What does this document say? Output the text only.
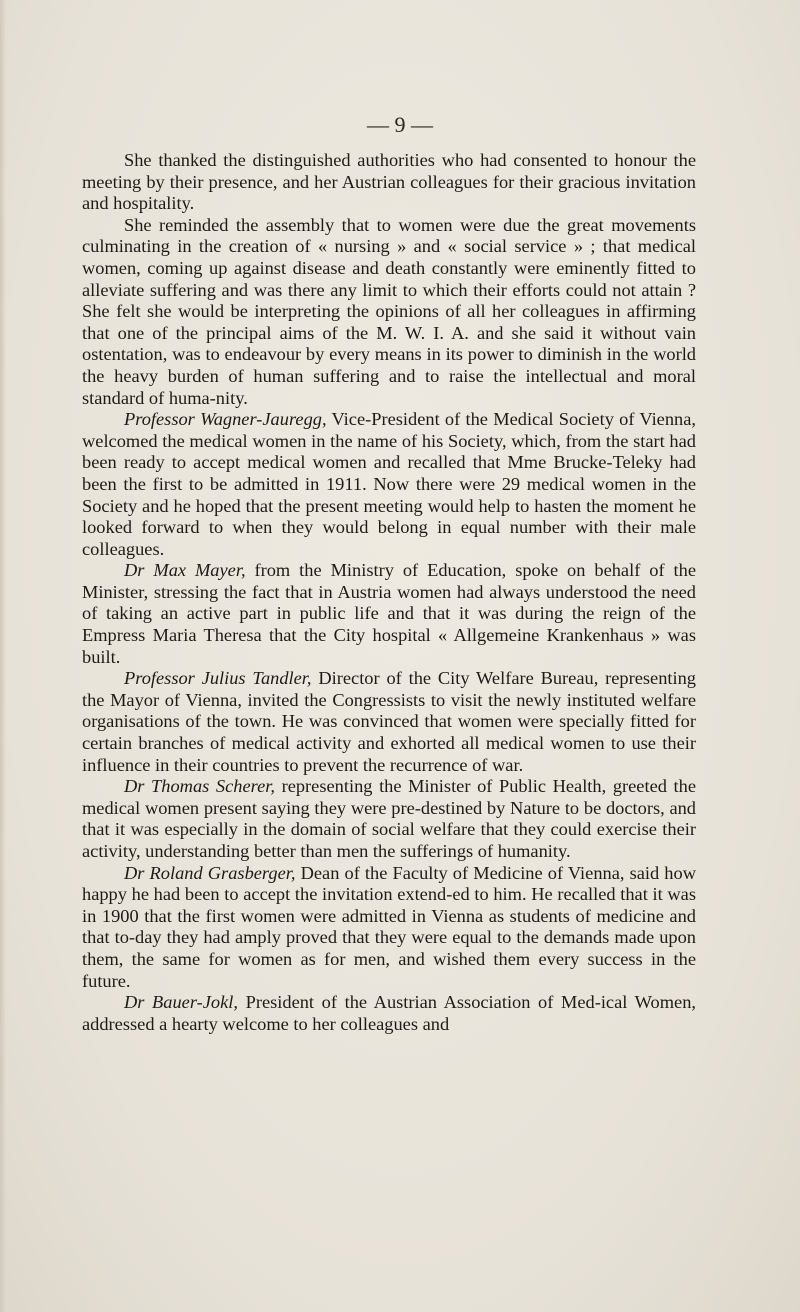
— 9 —

She thanked the distinguished authorities who had consented to honour the meeting by their presence, and her Austrian colleagues for their gracious invitation and hospitality.

She reminded the assembly that to women were due the great movements culminating in the creation of « nursing » and « social service » ; that medical women, coming up against disease and death constantly were eminently fitted to alleviate suffering and was there any limit to which their efforts could not attain ? She felt she would be interpreting the opinions of all her colleagues in affirming that one of the principal aims of the M. W. I. A. and she said it without vain ostentation, was to endeavour by every means in its power to diminish in the world the heavy burden of human suffering and to raise the intellectual and moral standard of huma-nity.

Professor Wagner-Jauregg, Vice-President of the Medical Society of Vienna, welcomed the medical women in the name of his Society, which, from the start had been ready to accept medical women and recalled that Mme Brucke-Teleky had been the first to be admitted in 1911. Now there were 29 medical women in the Society and he hoped that the present meeting would help to hasten the moment he looked forward to when they would belong in equal number with their male colleagues.

Dr Max Mayer, from the Ministry of Education, spoke on behalf of the Minister, stressing the fact that in Austria women had always understood the need of taking an active part in public life and that it was during the reign of the Empress Maria Theresa that the City hospital « Allgemeine Krankenhaus » was built.

Professor Julius Tandler, Director of the City Welfare Bureau, representing the Mayor of Vienna, invited the Congressists to visit the newly instituted welfare organisations of the town. He was convinced that women were specially fitted for certain branches of medical activity and exhorted all medical women to use their influence in their countries to prevent the recurrence of war.

Dr Thomas Scherer, representing the Minister of Public Health, greeted the medical women present saying they were pre-destined by Nature to be doctors, and that it was especially in the domain of social welfare that they could exercise their activity, understanding better than men the sufferings of humanity.

Dr Roland Grasberger, Dean of the Faculty of Medicine of Vienna, said how happy he had been to accept the invitation extend-ed to him. He recalled that it was in 1900 that the first women were admitted in Vienna as students of medicine and that to-day they had amply proved that they were equal to the demands made upon them, the same for women as for men, and wished them every success in the future.

Dr Bauer-Jokl, President of the Austrian Association of Med-ical Women, addressed a hearty welcome to her colleagues and
